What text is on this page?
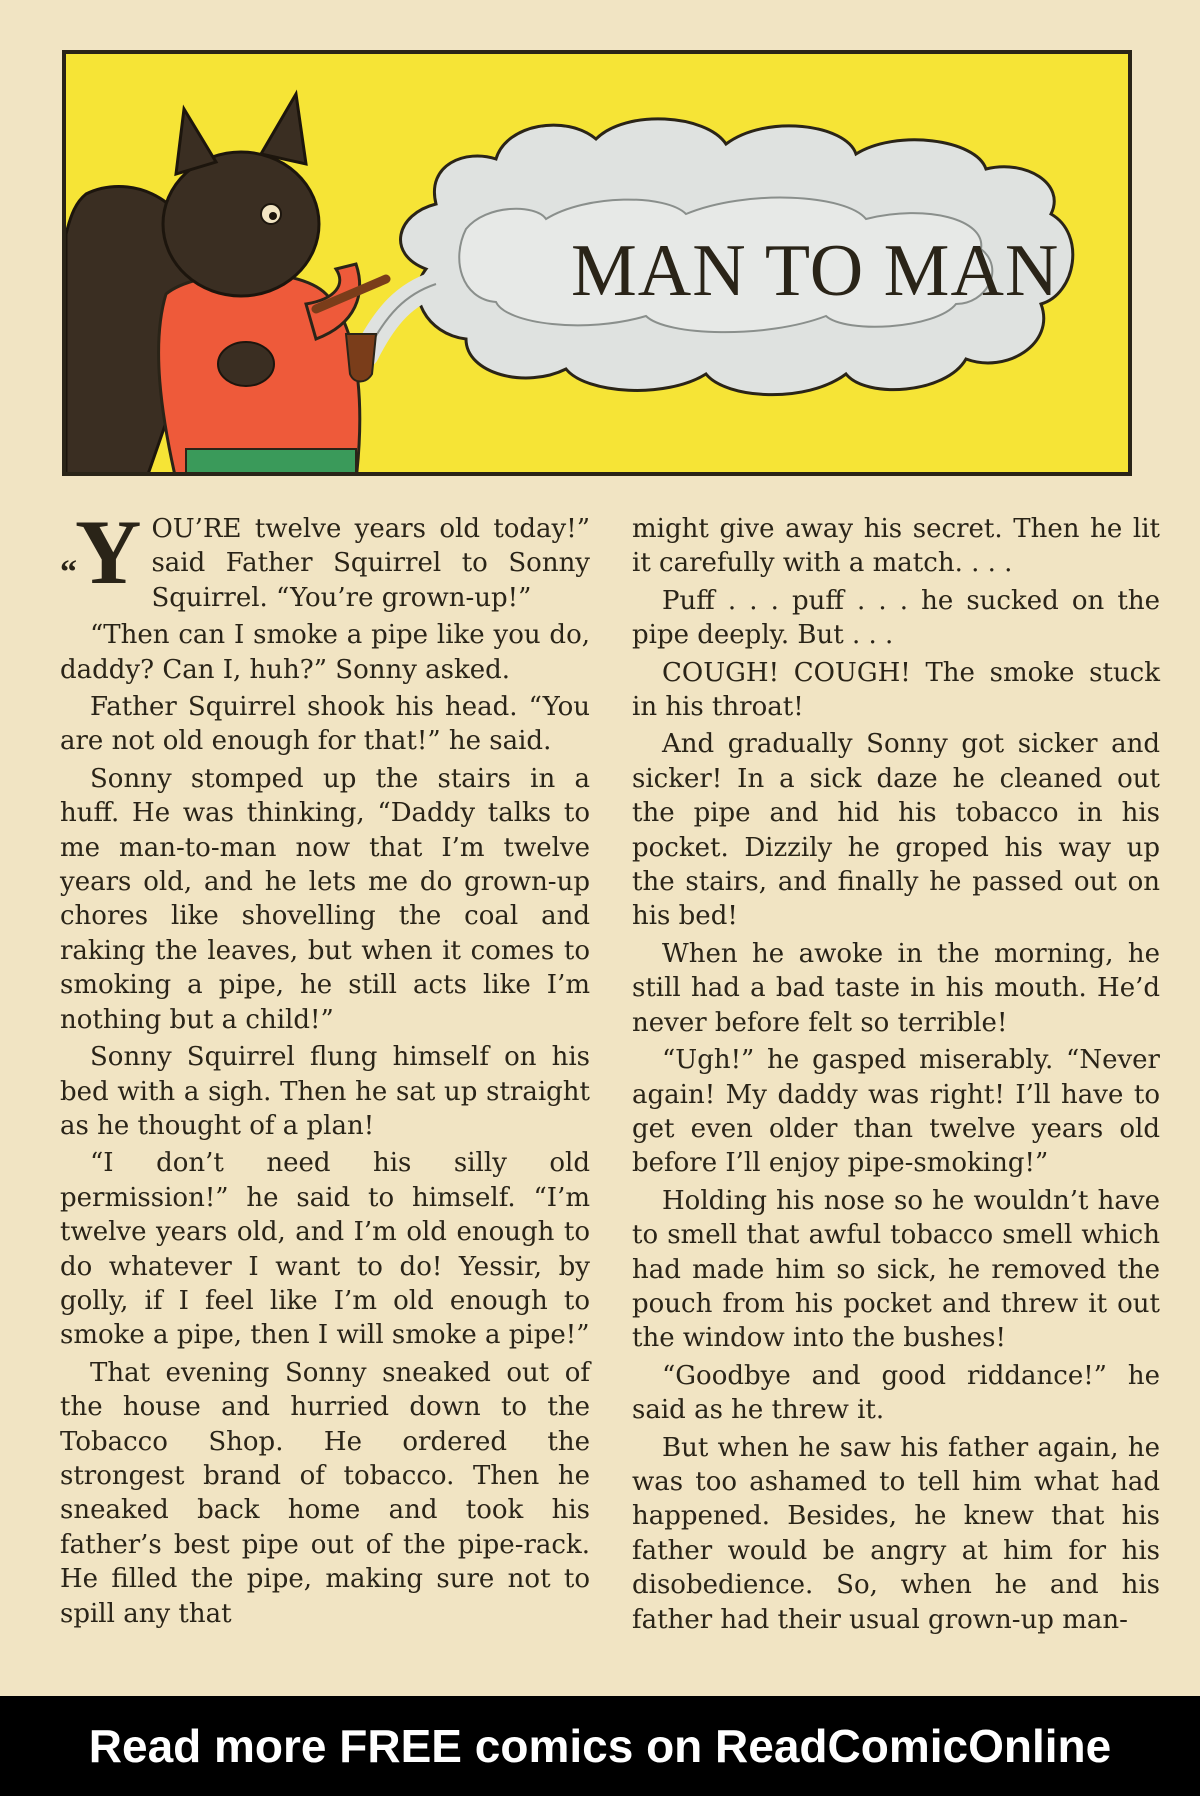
MAN TO MAN

“Y OU’RE twelve years old today!” said Father Squirrel to Sonny Squirrel. “You’re grown-up!”

“Then can I smoke a pipe like you do, daddy? Can I, huh?” Sonny asked.

Father Squirrel shook his head. “You are not old enough for that!” he said.

Sonny stomped up the stairs in a huff. He was thinking, “Daddy talks to me man-to-man now that I’m twelve years old, and he lets me do grown-up chores like shovelling the coal and raking the leaves, but when it comes to smoking a pipe, he still acts like I’m nothing but a child!”

Sonny Squirrel flung himself on his bed with a sigh. Then he sat up straight as he thought of a plan!

“I don’t need his silly old permission!” he said to himself. “I’m twelve years old, and I’m old enough to do whatever I want to do! Yessir, by golly, if I feel like I’m old enough to smoke a pipe, then I will smoke a pipe!”

That evening Sonny sneaked out of the house and hurried down to the Tobacco Shop. He ordered the strongest brand of tobacco. Then he sneaked back home and took his father’s best pipe out of the pipe-rack. He filled the pipe, making sure not to spill any that

might give away his secret. Then he lit it carefully with a match. . . .

Puff . . . puff . . . he sucked on the pipe deeply. But . . .

COUGH! COUGH! The smoke stuck in his throat!

And gradually Sonny got sicker and sicker! In a sick daze he cleaned out the pipe and hid his tobacco in his pocket. Dizzily he groped his way up the stairs, and finally he passed out on his bed!

When he awoke in the morning, he still had a bad taste in his mouth. He’d never before felt so terrible!

“Ugh!” he gasped miserably. “Never again! My daddy was right! I’ll have to get even older than twelve years old before I’ll enjoy pipe-smoking!”

Holding his nose so he wouldn’t have to smell that awful tobacco smell which had made him so sick, he removed the pouch from his pocket and threw it out the window into the bushes!

“Goodbye and good riddance!” he said as he threw it.

But when he saw his father again, he was too ashamed to tell him what had happened. Besides, he knew that his father would be angry at him for his disobedience. So, when he and his father had their usual grown-up man-

Read more FREE comics on ReadComicOnline
